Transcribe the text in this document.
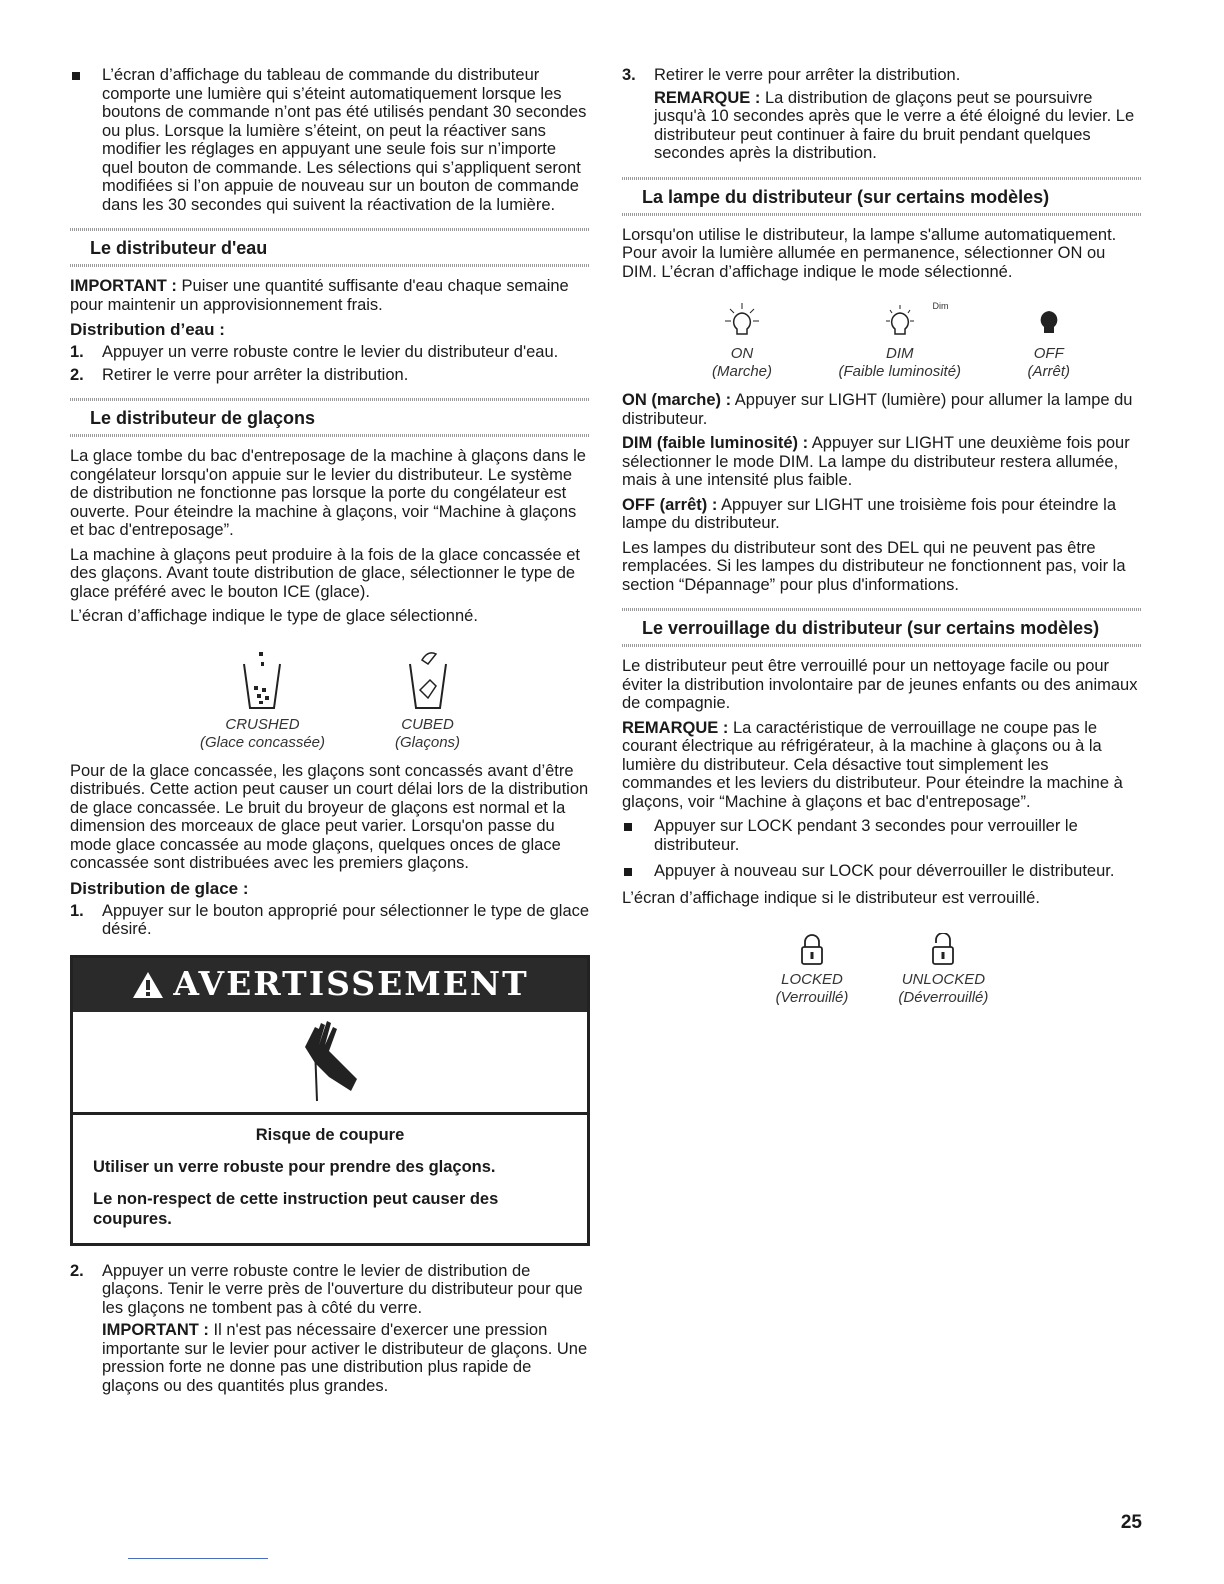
L’écran d’affichage du tableau de commande du distributeur comporte une lumière qui s’éteint automatiquement lorsque les boutons de commande n’ont pas été utilisés pendant 30 secondes ou plus. Lorsque la lumière s’éteint, on peut la réactiver sans modifier les réglages en appuyant une seule fois sur n’importe quel bouton de commande. Les sélections qui s’appliquent seront modifiées si l’on appuie de nouveau sur un bouton de commande dans les 30 secondes qui suivent la réactivation de la lumière.
Le distributeur d'eau

IMPORTANT : Puiser une quantité suffisante d'eau chaque semaine pour maintenir un approvisionnement frais.

Distribution d’eau :
1.	Appuyer un verre robuste contre le levier du distributeur d'eau.
2.	Retirer le verre pour arrêter la distribution.
Le distributeur de glaçons

La glace tombe du bac d'entreposage de la machine à glaçons dans le congélateur lorsqu'on appuie sur le levier du distributeur. Le système de distribution ne fonctionne pas lorsque la porte du congélateur est ouverte. Pour éteindre la machine à glaçons, voir “Machine à glaçons et bac d'entreposage”.

La machine à glaçons peut produire à la fois de la glace concassée et des glaçons. Avant toute distribution de glace, sélectionner le type de glace préféré avec le bouton ICE (glace).

L’écran d’affichage indique le type de glace sélectionné.

CRUSHED
(Glace concassée)
CUBED
(Glaçons)

Pour de la glace concassée, les glaçons sont concassés avant d’être distribués. Cette action peut causer un court délai lors de la distribution de glace concassée. Le bruit du broyeur de glaçons est normal et la dimension des morceaux de glace peut varier. Lorsqu'on passe du mode glace concassée au mode glaçons, quelques onces de glace concassée sont distribuées avec les premiers glaçons.

Distribution de glace :
1.	Appuyer sur le bouton approprié pour sélectionner le type de glace désiré.
AVERTISSEMENT

Risque de coupure

Utiliser un verre robuste pour prendre des glaçons.

Le non-respect de cette instruction peut causer des coupures.

2.	Appuyer un verre robuste contre le levier de distribution de glaçons. Tenir le verre près de l'ouverture du distributeur pour que les glaçons ne tombent pas à côté du verre.

IMPORTANT : Il n'est pas nécessaire d'exercer une pression importante sur le levier pour activer le distributeur de glaçons. Une pression forte ne donne pas une distribution plus rapide de glaçons ou des quantités plus grandes.

3.	Retirer le verre pour arrêter la distribution.

REMARQUE : La distribution de glaçons peut se poursuivre jusqu'à 10 secondes après que le verre a été éloigné du levier. Le distributeur peut continuer à faire du bruit pendant quelques secondes après la distribution.

La lampe du distributeur (sur certains modèles)

Lorsqu'on utilise le distributeur, la lampe s'allume automatiquement. Pour avoir la lumière allumée en permanence, sélectionner ON ou DIM. L’écran d’affichage indique le mode sélectionné.

ON
(Marche)
Dim
DIM
(Faible luminosité)
OFF
(Arrêt)

ON (marche) : Appuyer sur LIGHT (lumière) pour allumer la lampe du distributeur.

DIM (faible luminosité) : Appuyer sur LIGHT une deuxième fois pour sélectionner le mode DIM. La lampe du distributeur restera allumée, mais à une intensité plus faible.

OFF (arrêt) : Appuyer sur LIGHT une troisième fois pour éteindre la lampe du distributeur.

Les lampes du distributeur sont des DEL qui ne peuvent pas être remplacées. Si les lampes du distributeur ne fonctionnent pas, voir la section “Dépannage” pour plus d'informations.

Le verrouillage du distributeur (sur certains modèles)

Le distributeur peut être verrouillé pour un nettoyage facile ou pour éviter la distribution involontaire par de jeunes enfants ou des animaux de compagnie.

REMARQUE : La caractéristique de verrouillage ne coupe pas le courant électrique au réfrigérateur, à la machine à glaçons ou à la lumière du distributeur. Cela désactive tout simplement les commandes et les leviers du distributeur. Pour éteindre la machine à glaçons, voir “Machine à glaçons et bac d'entreposage”.

Appuyer sur LOCK pendant 3 secondes pour verrouiller le distributeur.
Appuyer à nouveau sur LOCK pour déverrouiller le distributeur.

L’écran d’affichage indique si le distributeur est verrouillé.

LOCKED
(Verrouillé)
UNLOCKED
(Déverrouillé)
25
